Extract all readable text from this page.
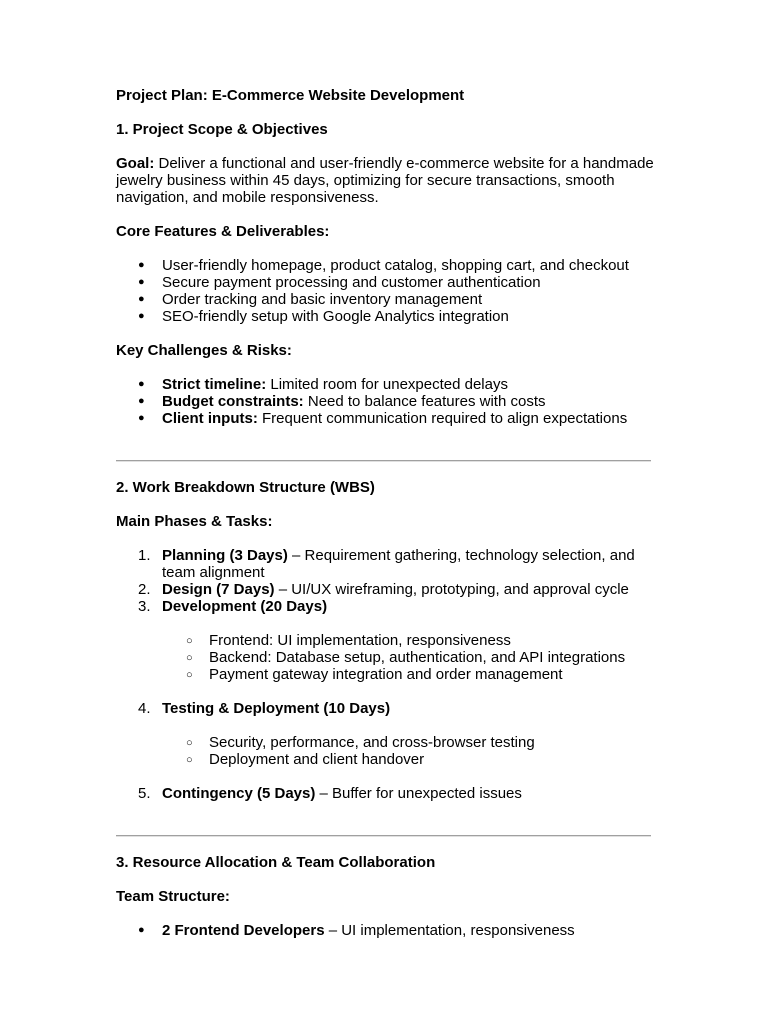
Project Plan: E-Commerce Website Development
1. Project Scope & Objectives
Goal: Deliver a functional and user-friendly e-commerce website for a handmade jewelry business within 45 days, optimizing for secure transactions, smooth navigation, and mobile responsiveness.
Core Features & Deliverables:
● User-friendly homepage, product catalog, shopping cart, and checkout
● Secure payment processing and customer authentication
● Order tracking and basic inventory management
● SEO-friendly setup with Google Analytics integration
Key Challenges & Risks:
● Strict timeline: Limited room for unexpected delays
● Budget constraints: Need to balance features with costs
● Client inputs: Frequent communication required to align expectations
2. Work Breakdown Structure (WBS)
Main Phases & Tasks:
1. Planning (3 Days) – Requirement gathering, technology selection, and team alignment
2. Design (7 Days) – UI/UX wireframing, prototyping, and approval cycle
3. Development (20 Days)
○ Frontend: UI implementation, responsiveness
○ Backend: Database setup, authentication, and API integrations
○ Payment gateway integration and order management
4. Testing & Deployment (10 Days)
○ Security, performance, and cross-browser testing
○ Deployment and client handover
5. Contingency (5 Days) – Buffer for unexpected issues
3. Resource Allocation & Team Collaboration
Team Structure:
● 2 Frontend Developers – UI implementation, responsiveness
